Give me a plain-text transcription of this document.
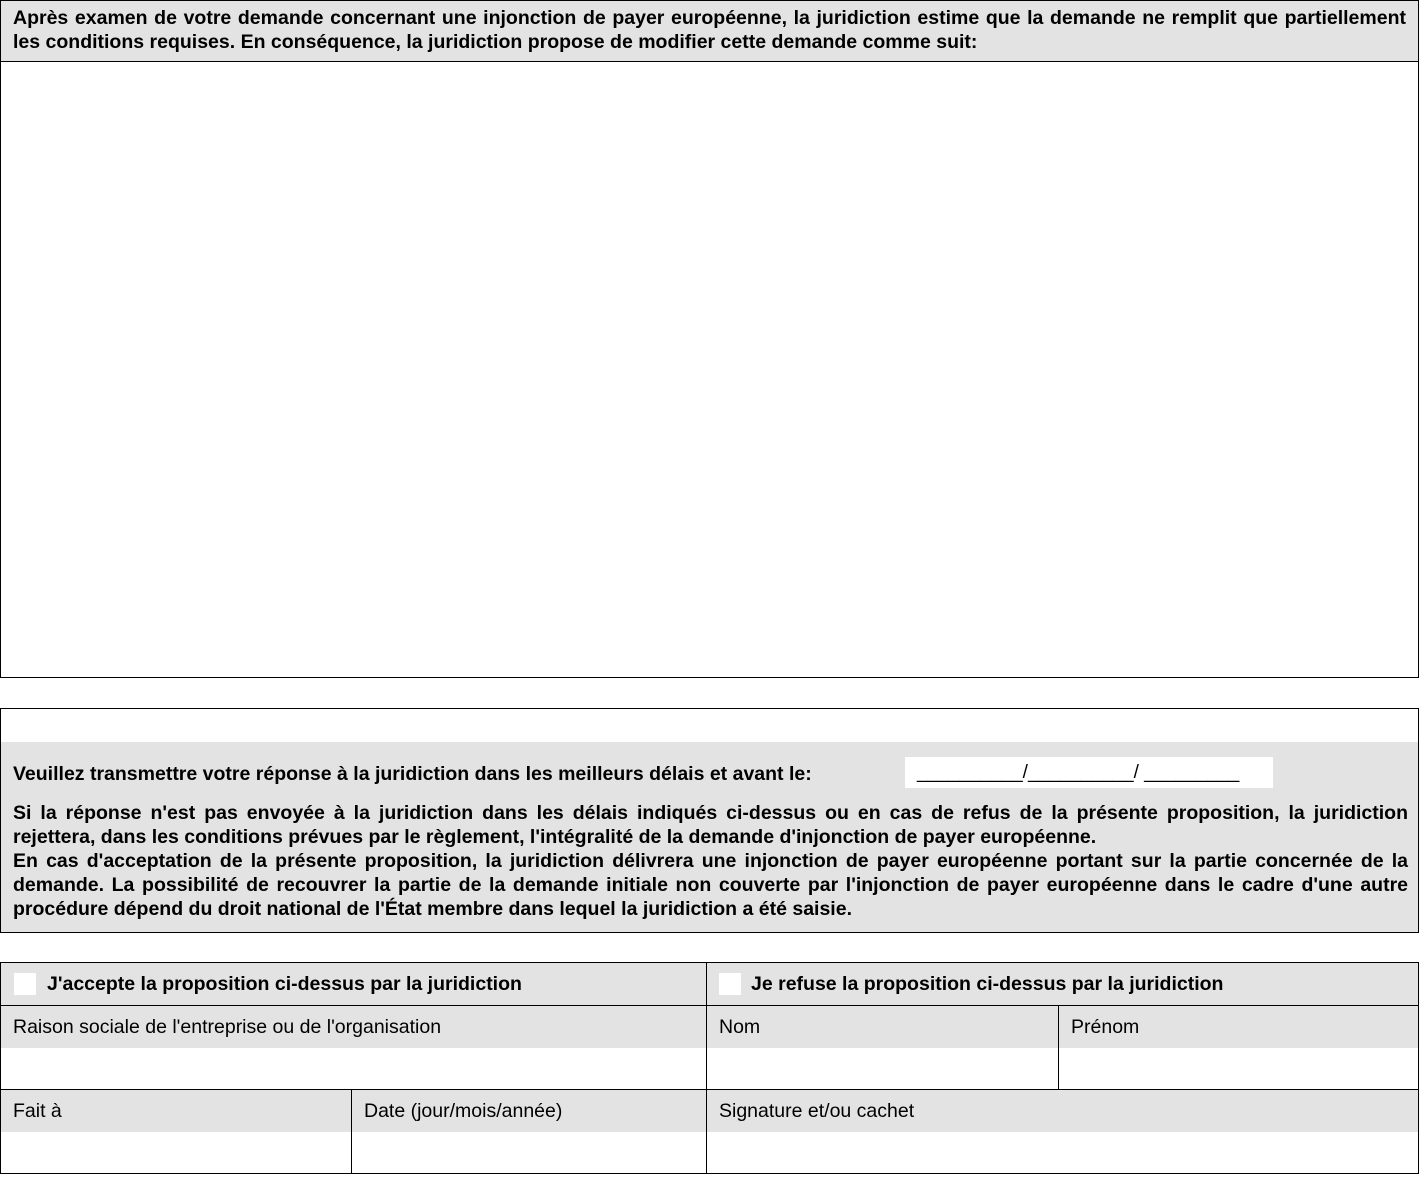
Après examen de votre demande concernant une injonction de payer européenne, la juridiction estime que la demande ne remplit que partiellement les conditions requises. En conséquence, la juridiction propose de modifier cette demande comme suit:
Veuillez transmettre votre réponse à la juridiction dans les meilleurs délais et avant le:	__________/__________/ _________

Si la réponse n'est pas envoyée à la juridiction dans les délais indiqués ci-dessus ou en cas de refus de la présente proposition, la juridiction rejettera, dans les conditions prévues par le règlement, l'intégralité de la demande d'injonction de payer européenne.

En cas d'acceptation de la présente proposition, la juridiction délivrera une injonction de payer européenne portant sur la partie concernée de la demande. La possibilité de recouvrer la partie de la demande initiale non couverte par l'injonction de payer européenne dans le cadre d'une autre procédure dépend du droit national de l'État membre dans lequel la juridiction a été saisie.

J'accepte la proposition ci-dessus par la juridiction	Je refuse la proposition ci-dessus par la juridiction
Raison sociale de l'entreprise ou de l'organisation	Nom	Prénom
Fait à	Date (jour/mois/année)	Signature et/ou cachet
